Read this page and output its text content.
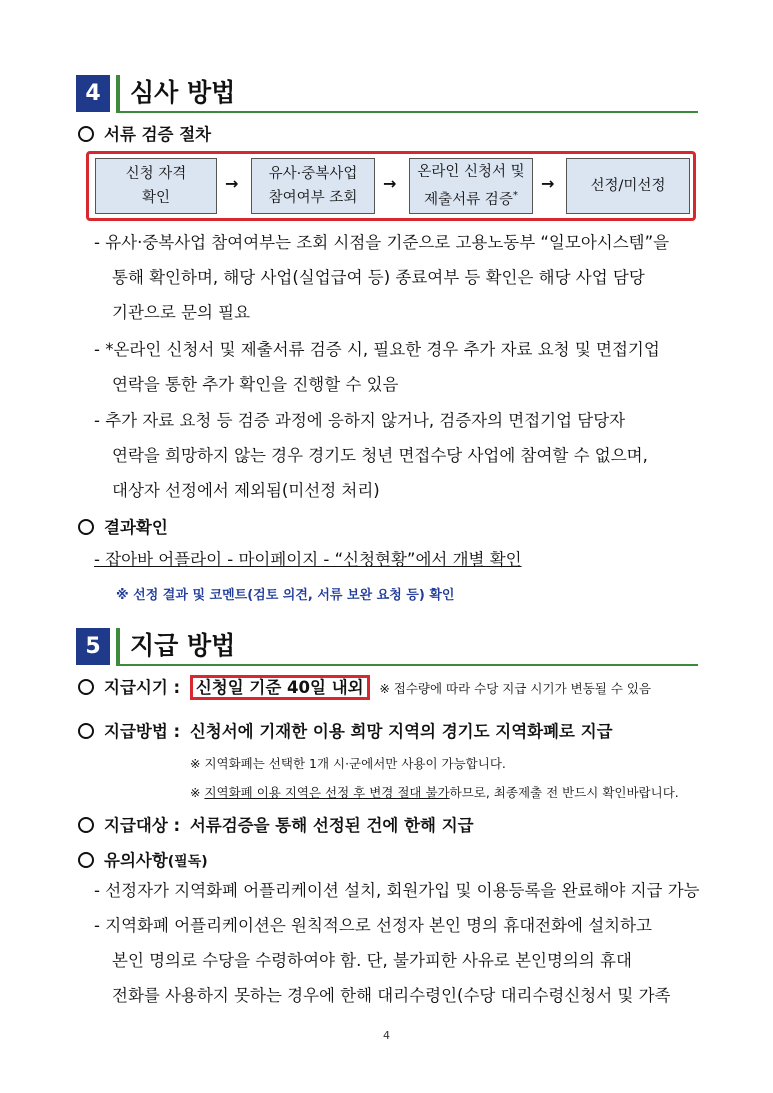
4	심사 방법
서류 검증 절차
신청 자격
확인
→ 유사·중복사업
참여여부 조회
→
온라인 신청서 및
제출서류 검증*
→ 선정/미선정
- 유사·중복사업 참여여부는 조회 시점을 기준으로 고용노동부 “일모아시스템”을
통해 확인하며, 해당 사업(실업급여 등) 종료여부 등 확인은 해당 사업 담당
기관으로 문의 필요
- *온라인 신청서 및 제출서류 검증 시, 필요한 경우 추가 자료 요청 및 면접기업
연락을 통한 추가 확인을 진행할 수 있음
- 추가 자료 요청 등 검증 과정에 응하지 않거나, 검증자의 면접기업 담당자
연락을 희망하지 않는 경우 경기도 청년 면접수당 사업에 참여할 수 없으며,
대상자 선정에서 제외됨(미선정 처리)
결과확인
- 잡아바 어플라이 - 마이페이지 - “신청현황”에서 개별 확인
※ 선정 결과 및 코멘트(검토 의견, 서류 보완 요청 등) 확인
5	지급 방법
지급시기 : 신청일 기준 40일 내외 ※ 접수량에 따라 수당 지급 시기가 변동될 수 있음
지급방법 : 신청서에 기재한 이용 희망 지역의 경기도 지역화폐로 지급
※ 지역화폐는 선택한 1개 시·군에서만 사용이 가능합니다.
※ 지역화폐 이용 지역은 선정 후 변경 절대 불가하므로, 최종제출 전 반드시 확인바랍니다.
지급대상 : 서류검증을 통해 선정된 건에 한해 지급
유의사항(필독)
- 선정자가 지역화폐 어플리케이션 설치, 회원가입 및 이용등록을 완료해야 지급 가능
- 지역화폐 어플리케이션은 원칙적으로 선정자 본인 명의 휴대전화에 설치하고
본인 명의로 수당을 수령하여야 함. 단, 불가피한 사유로 본인명의의 휴대
전화를 사용하지 못하는 경우에 한해 대리수령인(수당 대리수령신청서 및 가족
4
